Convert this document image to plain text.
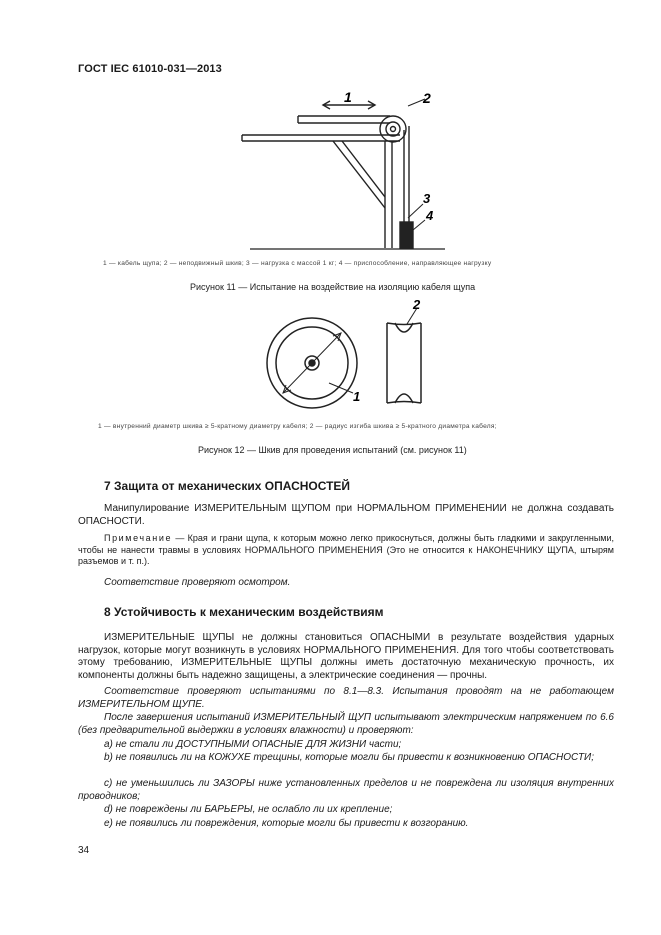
ГОСТ IEC 61010-031—2013
1	2
3
4
1 — кабель щупа; 2 — неподвижный шкив; 3 — нагрузка с массой 1 кг; 4 — приспособление, направляющее нагрузку
Рисунок 11 — Испытание на воздействие на изоляцию кабеля щупа
1
2
1 — внутренний диаметр шкива ≥ 5-кратному диаметру кабеля; 2 — радиус изгиба шкива ≥ 5-кратного диаметра кабеля;
Рисунок 12 — Шкив для проведения испытаний (см. рисунок 11)
7 Защита от механических ОПАСНОСТЕЙ

Манипулирование ИЗМЕРИТЕЛЬНЫМ ЩУПОМ при НОРМАЛЬНОМ ПРИМЕНЕНИИ не должна создавать ОПАСНОСТИ.

Примечание — Края и грани щупа, к которым можно легко прикоснуться, должны быть гладкими и закругленными, чтобы не нанести травмы в условиях НОРМАЛЬНОГО ПРИМЕНЕНИЯ (Это не относится к НАКОНЕЧНИКУ ЩУПА, штырям разъемов и т. п.).

Соответствие проверяют осмотром.

8 Устойчивость к механическим воздействиям

ИЗМЕРИТЕЛЬНЫЕ ЩУПЫ не должны становиться ОПАСНЫМИ в результате воздействия ударных нагрузок, которые могут возникнуть в условиях НОРМАЛЬНОГО ПРИМЕНЕНИЯ. Для того чтобы соответствовать этому требованию, ИЗМЕРИТЕЛЬНЫЕ ЩУПЫ должны иметь достаточную механическую прочность, их компоненты должны быть надежно защищены, а электрические соединения — прочны.

Соответствие проверяют испытаниями по 8.1—8.3. Испытания проводят на не работающем ИЗМЕРИТЕЛЬНОМ ЩУПЕ.

После завершения испытаний ИЗМЕРИТЕЛЬНЫЙ ЩУП испытывают электрическим напряжением по 6.6 (без предварительной выдержки в условиях влажности) и проверяют:

a) не стали ли ДОСТУПНЫМИ ОПАСНЫЕ ДЛЯ ЖИЗНИ части;

b) не появились ли на КОЖУХЕ трещины, которые могли бы привести к возникновению ОПАСНОСТИ;

c) не уменьшились ли ЗАЗОРЫ ниже установленных пределов и не повреждена ли изоляция внутренних проводников;

d) не повреждены ли БАРЬЕРЫ, не ослабло ли их крепление;

e) не появились ли повреждения, которые могли бы привести к возгоранию.

34
